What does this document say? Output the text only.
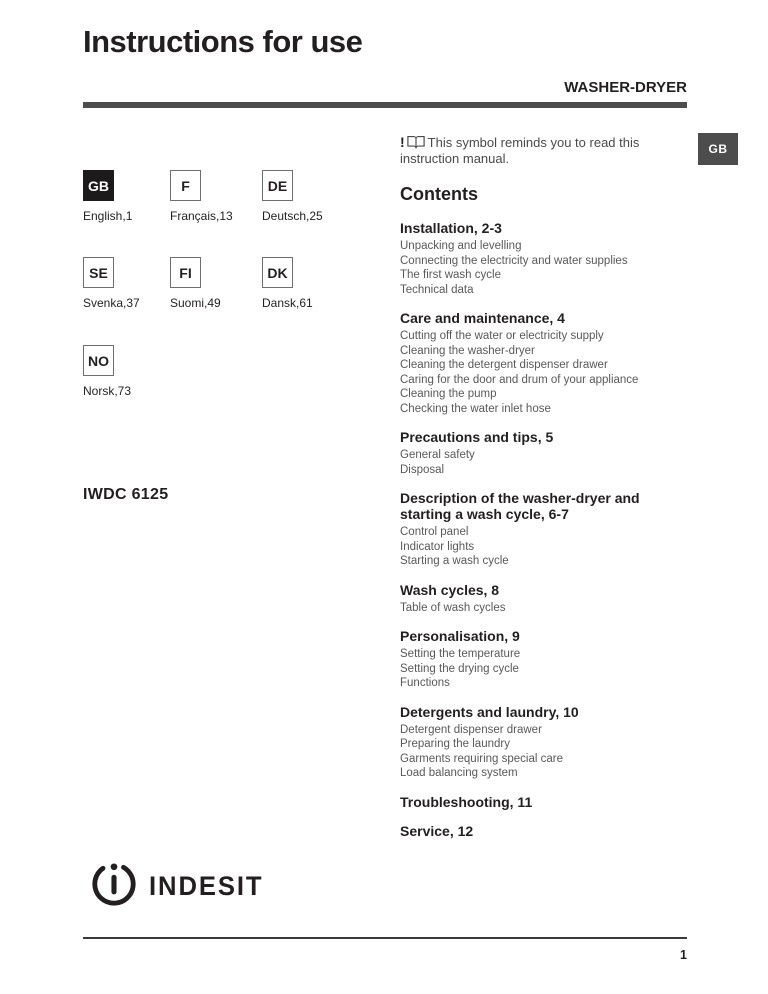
Instructions for use
WASHER-DRYER
GB
English,1
F
Français,13
DE
Deutsch,25
SE
Svenka,37
FI
Suomi,49
DK
Dansk,61
NO
Norsk,73
IWDC 6125
INDESIT
! This symbol reminds you to read this instruction manual.
GB
Contents
Installation, 2-3
Unpacking and levelling
Connecting the electricity and water supplies
The first wash cycle
Technical data
Care and maintenance, 4
Cutting off the water or electricity supply
Cleaning the washer-dryer
Cleaning the detergent dispenser drawer
Caring for the door and drum of your appliance
Cleaning the pump
Checking the water inlet hose
Precautions and tips, 5
General safety
Disposal
Description of the washer-dryer and starting a wash cycle, 6-7
Control panel
Indicator lights
Starting a wash cycle
Wash cycles, 8
Table of wash cycles
Personalisation, 9
Setting the temperature
Setting the drying cycle
Functions
Detergents and laundry, 10
Detergent dispenser drawer
Preparing the laundry
Garments requiring special care
Load balancing system
Troubleshooting, 11
Service, 12
1
